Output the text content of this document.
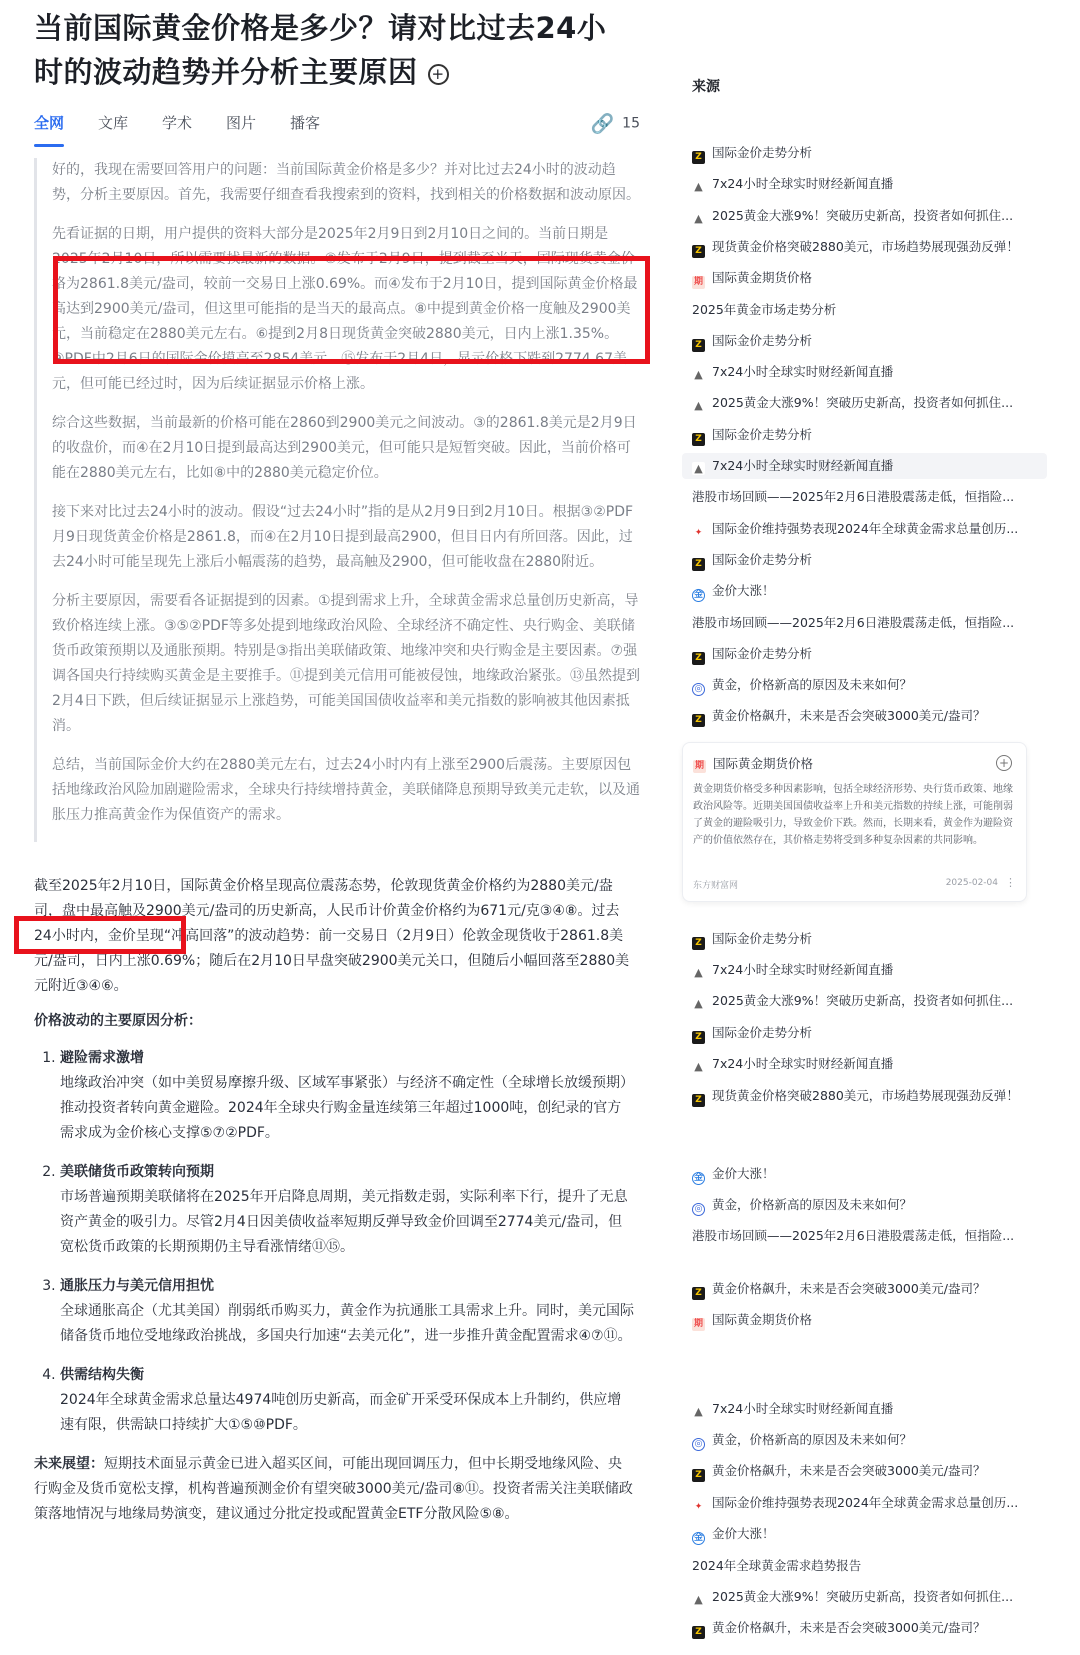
当前国际黄金价格是多少？请对比过去24小时的波动趋势并分析主要原因 +
全网 文库 学术 图片 播客	🔗 15

好的，我现在需要回答用户的问题：当前国际黄金价格是多少？并对比过去24小时的波动趋势，分析主要原因。首先，我需要仔细查看我搜索到的资料，找到相关的价格数据和波动原因。

先看证据的日期，用户提供的资料大部分是2025年2月9日到2月10日之间的。当前日期是2025年2月10日，所以需要找最新的数据。③发布于2月9日，提到截至当天，国际现货黄金价格为2861.8美元/盎司，较前一交易日上涨0.69%。而④发布于2月10日，提到国际黄金价格最高达到2900美元/盎司，但这里可能指的是当天的最高点。⑧中提到黄金价格一度触及2900美元，当前稳定在2880美元左右。⑥提到2月8日现货黄金突破2880美元，日内上涨1.35%。⑨PDF中2月6日的国际金价摸高至2854美元。⑮发布于2月4日，显示价格下跌到2774.67美元，但可能已经过时，因为后续证据显示价格上涨。

综合这些数据，当前最新的价格可能在2860到2900美元之间波动。③的2861.8美元是2月9日的收盘价，而④在2月10日提到最高达到2900美元，但可能只是短暂突破。因此，当前价格可能在2880美元左右，比如⑧中的2880美元稳定价位。

接下来对比过去24小时的波动。假设“过去24小时”指的是从2月9日到2月10日。根据③②PDF月9日现货黄金价格是2861.8，而④在2月10日提到最高2900，但目日内有所回落。因此，过去24小时可能呈现先上涨后小幅震荡的趋势，最高触及2900，但可能收盘在2880附近。

分析主要原因，需要看各证据提到的因素。①提到需求上升，全球黄金需求总量创历史新高，导致价格连续上涨。③⑤②PDF等多处提到地缘政治风险、全球经济不确定性、央行购金、美联储货币政策预期以及通胀预期。特别是③指出美联储政策、地缘冲突和央行购金是主要因素。⑦强调各国央行持续购买黄金是主要推手。⑪提到美元信用可能被侵蚀，地缘政治紧张。⑬虽然提到2月4日下跌，但后续证据显示上涨趋势，可能美国国债收益率和美元指数的影响被其他因素抵消。

总结，当前国际金价大约在2880美元左右，过去24小时内有上涨至2900后震荡。主要原因包括地缘政治风险加剧避险需求，全球央行持续增持黄金，美联储降息预期导致美元走软，以及通胀压力推高黄金作为保值资产的需求。

截至2025年2月10日，国际黄金价格呈现高位震荡态势，伦敦现货黄金价格约为2880美元/盎司，盘中最高触及2900美元/盎司的历史新高，人民币计价黄金价格约为671元/克③④⑧。过去24小时内，金价呈现“冲高回落”的波动趋势：前一交易日（2月9日）伦敦金现货收于2861.8美元/盎司，日内上涨0.69%；随后在2月10日早盘突破2900美元关口，但随后小幅回落至2880美元附近③④⑥。

价格波动的主要原因分析：
1. 避险需求激增
地缘政治冲突（如中美贸易摩擦升级、区域军事紧张）与经济不确定性（全球增长放缓预期）推动投资者转向黄金避险。2024年全球央行购金量连续第三年超过1000吨，创纪录的官方需求成为金价核心支撑⑤⑦②PDF。
2. 美联储货币政策转向预期
市场普遍预期美联储将在2025年开启降息周期，美元指数走弱，实际利率下行，提升了无息资产黄金的吸引力。尽管2月4日因美债收益率短期反弹导致金价回调至2774美元/盎司，但宽松货币政策的长期预期仍主导看涨情绪⑪⑮。
3. 通胀压力与美元信用担忧
全球通胀高企（尤其美国）削弱纸币购买力，黄金作为抗通胀工具需求上升。同时，美元国际储备货币地位受地缘政治挑战，多国央行加速“去美元化”，进一步推升黄金配置需求④⑦⑪。
4. 供需结构失衡
2024年全球黄金需求总量达4974吨创历史新高，而金矿开采受环保成本上升制约，供应增速有限，供需缺口持续扩大①⑤⑩PDF。

未来展望：短期技术面显示黄金已进入超买区间，可能出现回调压力，但中长期受地缘风险、央行购金及货币宽松支撑，机构普遍预测金价有望突破3000美元/盎司⑧⑪。投资者需关注美联储政策落地情况与地缘局势演变，建议通过分批定投或配置黄金ETF分散风险⑤⑧。

来源
Z 国际金价走势分析
▲ 7x24小时全球实时财经新闻直播
▲ 2025黄金大涨9%！突破历史新高，投资者如何抓住...
Z 现货黄金价格突破2880美元，市场趋势展现强劲反弹！
期 国际黄金期货价格
2025年黄金市场走势分析
Z 国际金价走势分析
▲ 7x24小时全球实时财经新闻直播
▲ 2025黄金大涨9%！突破历史新高，投资者如何抓住...
Z 国际金价走势分析
▲ 7x24小时全球实时财经新闻直播
港股市场回顾——2025年2月6日港股震荡走低，恒指险...
✦ 国际金价维持强势表现2024年全球黄金需求总量创历...
Z 国际金价走势分析
金 金价大涨！
港股市场回顾——2025年2月6日港股震荡走低，恒指险...
Z 国际金价走势分析
◎ 黄金，价格新高的原因及未来如何？
Z 黄金价格飙升，未来是否会突破3000美元/盎司？
Z 国际金价走势分析
▲ 7x24小时全球实时财经新闻直播
▲ 2025黄金大涨9%！突破历史新高，投资者如何抓住...
Z 国际金价走势分析
▲ 7x24小时全球实时财经新闻直播
Z 现货黄金价格突破2880美元，市场趋势展现强劲反弹！
金 金价大涨！
◎ 黄金，价格新高的原因及未来如何？
港股市场回顾——2025年2月6日港股震荡走低，恒指险...
Z 黄金价格飙升，未来是否会突破3000美元/盎司？
期 国际黄金期货价格
▲ 7x24小时全球实时财经新闻直播
◎ 黄金，价格新高的原因及未来如何？
Z 黄金价格飙升，未来是否会突破3000美元/盎司？
✦ 国际金价维持强势表现2024年全球黄金需求总量创历...
金 金价大涨！
2024年全球黄金需求趋势报告
▲ 2025黄金大涨9%！突破历史新高，投资者如何抓住...
Z 黄金价格飙升，未来是否会突破3000美元/盎司？
期 国际黄金期货价格	+
黄金期货价格受多种因素影响，包括全球经济形势、央行货币政策、地缘政治风险等。近期美国国债收益率上升和美元指数的持续上涨，可能削弱了黄金的避险吸引力，导致金价下跌。然而，长期来看，黄金作为避险资产的价值依然存在，其价格走势将受到多种复杂因素的共同影响。
东方财富网	2025-02-04 ⋮
